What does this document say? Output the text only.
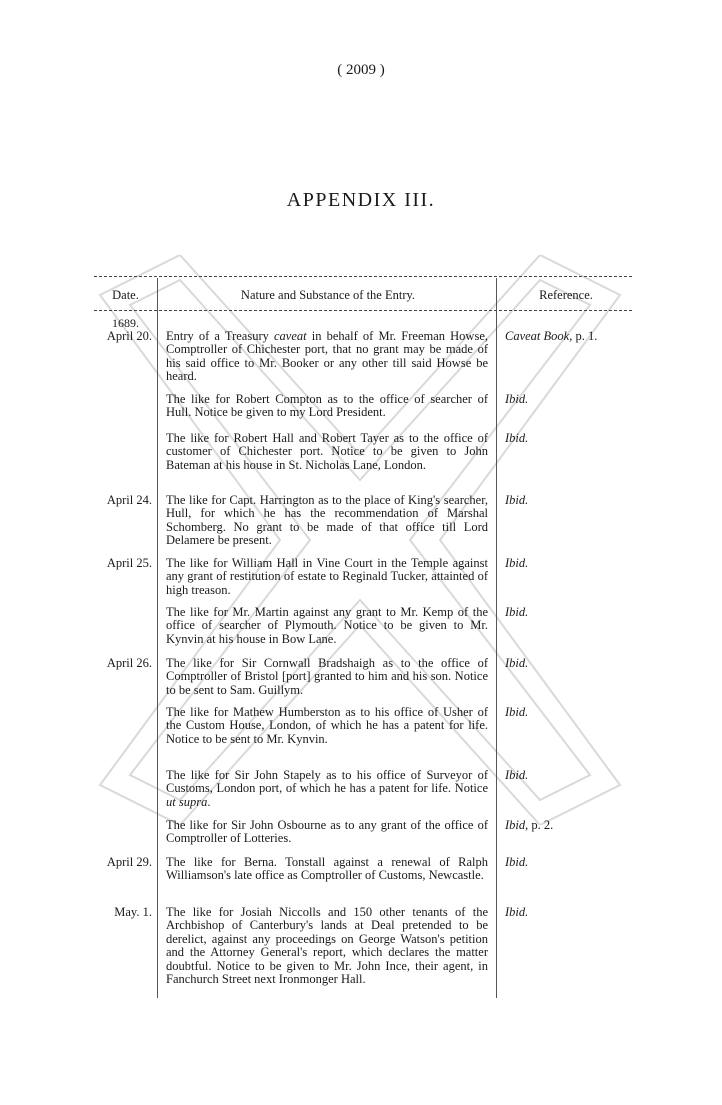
( 2009 )
APPENDIX III.
Date.	Nature and Substance of the Entry.	Reference.
1689.
April 20. Entry of a Treasury caveat in behalf of Mr. Freeman Howse, Comptroller of Chichester port, that no grant may be made of his said office to Mr. Booker or any other till said Howse be heard.
Caveat Book, p. 1.
The like for Robert Compton as to the office of searcher of Hull. Notice be given to my Lord President.
Ibid.
The like for Robert Hall and Robert Tayer as to the office of customer of Chichester port. Notice to be given to John Bateman at his house in St. Nicholas Lane, London.
Ibid.
April 24. The like for Capt. Harrington as to the place of King's searcher, Hull, for which he has the recommendation of Marshal Schomberg. No grant to be made of that office till Lord Delamere be present.
Ibid.
April 25. The like for William Hall in Vine Court in the Temple against any grant of restitution of estate to Reginald Tucker, attainted of high treason.
Ibid.
The like for Mr. Martin against any grant to Mr. Kemp of the office of searcher of Plymouth. Notice to be given to Mr. Kynvin at his house in Bow Lane.
Ibid.
April 26. The like for Sir Cornwall Bradshaigh as to the office of Comptroller of Bristol [port] granted to him and his son. Notice to be sent to Sam. Guillym.
Ibid.
The like for Mathew Humberston as to his office of Usher of the Custom House, London, of which he has a patent for life. Notice to be sent to Mr. Kynvin.
Ibid.
The like for Sir John Stapely as to his office of Surveyor of Customs, London port, of which he has a patent for life. Notice ut supra.
Ibid.
The like for Sir John Osbourne as to any grant of the office of Comptroller of Lotteries.
Ibid, p. 2.
April 29. The like for Berna. Tonstall against a renewal of Ralph Williamson's late office as Comptroller of Customs, Newcastle.
Ibid.
May. 1. The like for Josiah Niccolls and 150 other tenants of the Archbishop of Canterbury's lands at Deal pretended to be derelict, against any proceedings on George Watson's petition and the Attorney General's report, which declares the matter doubtful. Notice to be given to Mr. John Ince, their agent, in Fanchurch Street next Ironmonger Hall.
Ibid.
